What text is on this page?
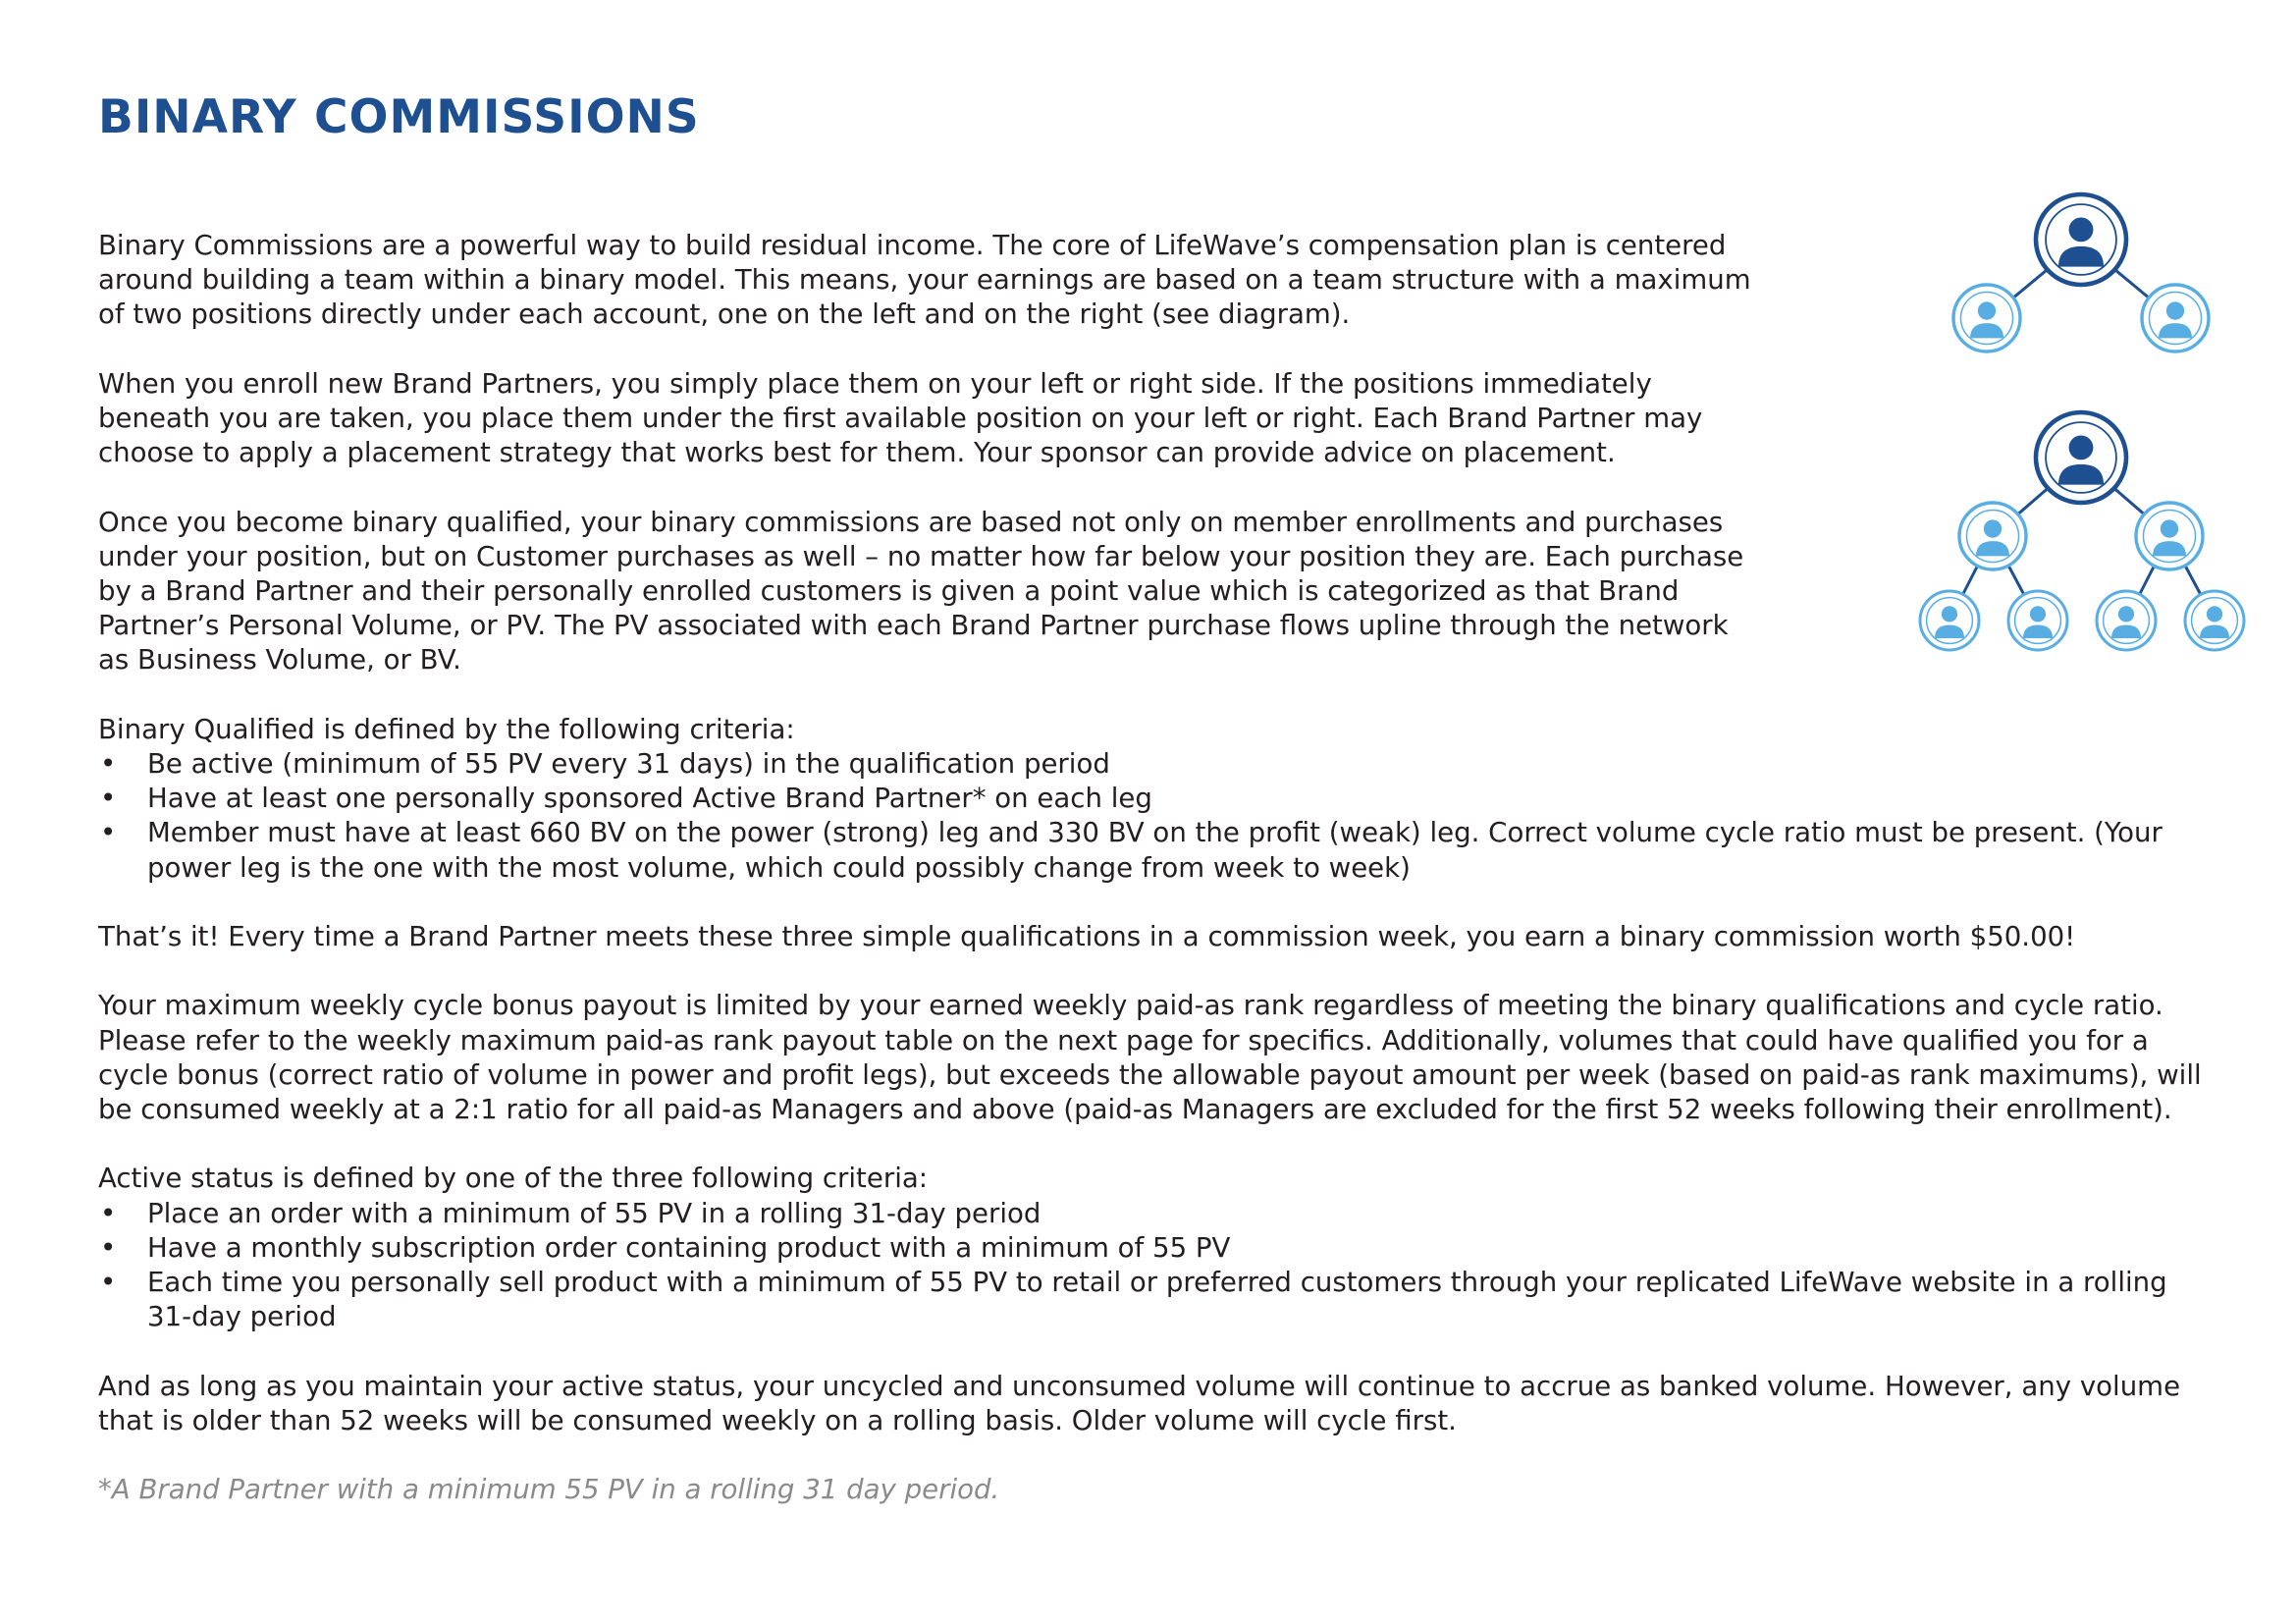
BINARY COMMISSIONS

Binary Commissions are a powerful way to build residual income. The core of LifeWave’s compensation plan is centered

around building a team within a binary model. This means, your earnings are based on a team structure with a maximum

of two positions directly under each account, one on the left and on the right (see diagram).

When you enroll new Brand Partners, you simply place them on your left or right side. If the positions immediately

beneath you are taken, you place them under the first available position on your left or right. Each Brand Partner may

choose to apply a placement strategy that works best for them. Your sponsor can provide advice on placement.

Once you become binary qualified, your binary commissions are based not only on member enrollments and purchases

under your position, but on Customer purchases as well – no matter how far below your position they are. Each purchase

by a Brand Partner and their personally enrolled customers is given a point value which is categorized as that Brand

Partner’s Personal Volume, or PV. The PV associated with each Brand Partner purchase flows upline through the network

as Business Volume, or BV.

Binary Qualified is defined by the following criteria:

• Be active (minimum of 55 PV every 31 days) in the qualification period
• Have at least one personally sponsored Active Brand Partner* on each leg
• Member must have at least 660 BV on the power (strong) leg and 330 BV on the profit (weak) leg. Correct volume cycle ratio must be present. (Your power leg is the one with the most volume, which could possibly change from week to week)

That’s it! Every time a Brand Partner meets these three simple qualifications in a commission week, you earn a binary commission worth $50.00!

Your maximum weekly cycle bonus payout is limited by your earned weekly paid-as rank regardless of meeting the binary qualifications and cycle ratio. Please refer to the weekly maximum paid-as rank payout table on the next page for specifics. Additionally, volumes that could have qualified you for a cycle bonus (correct ratio of volume in power and profit legs), but exceeds the allowable payout amount per week (based on paid-as rank maximums), will be consumed weekly at a 2:1 ratio for all paid-as Managers and above (paid-as Managers are excluded for the first 52 weeks following their enrollment).

Active status is defined by one of the three following criteria:

• Place an order with a minimum of 55 PV in a rolling 31-day period
• Have a monthly subscription order containing product with a minimum of 55 PV
• Each time you personally sell product with a minimum of 55 PV to retail or preferred customers through your replicated LifeWave website in a rolling 31-day period

And as long as you maintain your active status, your uncycled and unconsumed volume will continue to accrue as banked volume. However, any volume that is older than 52 weeks will be consumed weekly on a rolling basis. Older volume will cycle first.

*A Brand Partner with a minimum 55 PV in a rolling 31 day period.
